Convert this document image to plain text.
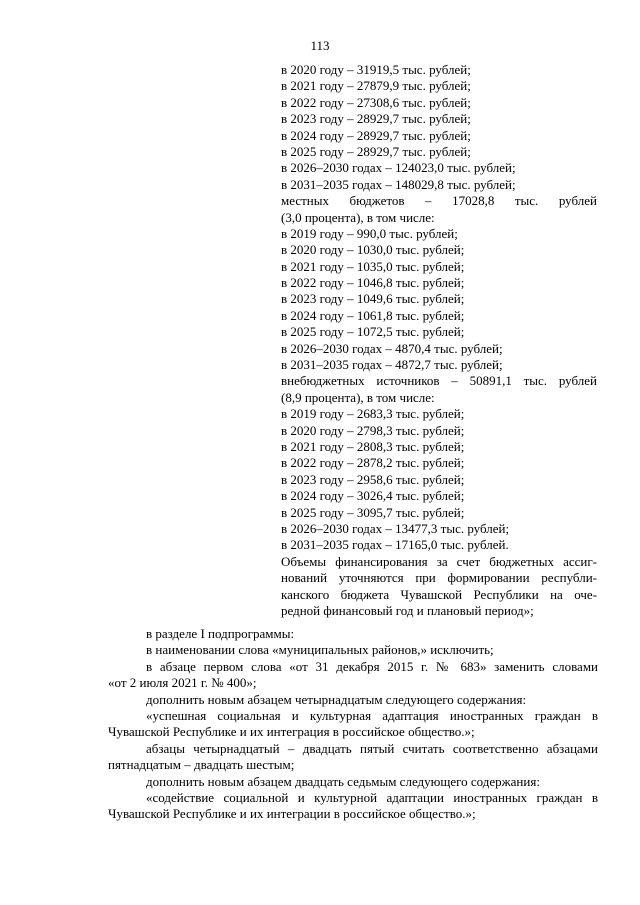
113
в 2020 году – 31919,5 тыс. рублей;
в 2021 году – 27879,9 тыс. рублей;
в 2022 году – 27308,6 тыс. рублей;
в 2023 году – 28929,7 тыс. рублей;
в 2024 году – 28929,7 тыс. рублей;
в 2025 году – 28929,7 тыс. рублей;
в 2026–2030 годах – 124023,0 тыс. рублей;
в 2031–2035 годах – 148029,8 тыс. рублей;
местных бюджетов – 17028,8 тыс. рублей
(3,0 процента), в том числе:
в 2019 году – 990,0 тыс. рублей;
в 2020 году – 1030,0 тыс. рублей;
в 2021 году – 1035,0 тыс. рублей;
в 2022 году – 1046,8 тыс. рублей;
в 2023 году – 1049,6 тыс. рублей;
в 2024 году – 1061,8 тыс. рублей;
в 2025 году – 1072,5 тыс. рублей;
в 2026–2030 годах – 4870,4 тыс. рублей;
в 2031–2035 годах – 4872,7 тыс. рублей;
внебюджетных источников – 50891,1 тыс. рублей
(8,9 процента), в том числе:
в 2019 году – 2683,3 тыс. рублей;
в 2020 году – 2798,3 тыс. рублей;
в 2021 году – 2808,3 тыс. рублей;
в 2022 году – 2878,2 тыс. рублей;
в 2023 году – 2958,6 тыс. рублей;
в 2024 году – 3026,4 тыс. рублей;
в 2025 году – 3095,7 тыс. рублей;
в 2026–2030 годах – 13477,3 тыс. рублей;
в 2031–2035 годах – 17165,0 тыс. рублей.
Объемы финансирования за счет бюджетных ассиг-
нований уточняются при формировании республи-
канского бюджета Чувашской Республики на оче-
редной финансовый год и плановый период»;
в разделе I подпрограммы:
в наименовании слова «муниципальных районов,» исключить;
в абзаце первом слова «от 31 декабря 2015 г. № 683» заменить словами
«от 2 июля 2021 г. № 400»;
дополнить новым абзацем четырнадцатым следующего содержания:
«успешная социальная и культурная адаптация иностранных граждан в
Чувашской Республике и их интеграция в российское общество.»;
абзацы четырнадцатый – двадцать пятый считать соответственно абзацами
пятнадцатым – двадцать шестым;
дополнить новым абзацем двадцать седьмым следующего содержания:
«содействие социальной и культурной адаптации иностранных граждан в
Чувашской Республике и их интеграции в российское общество.»;
